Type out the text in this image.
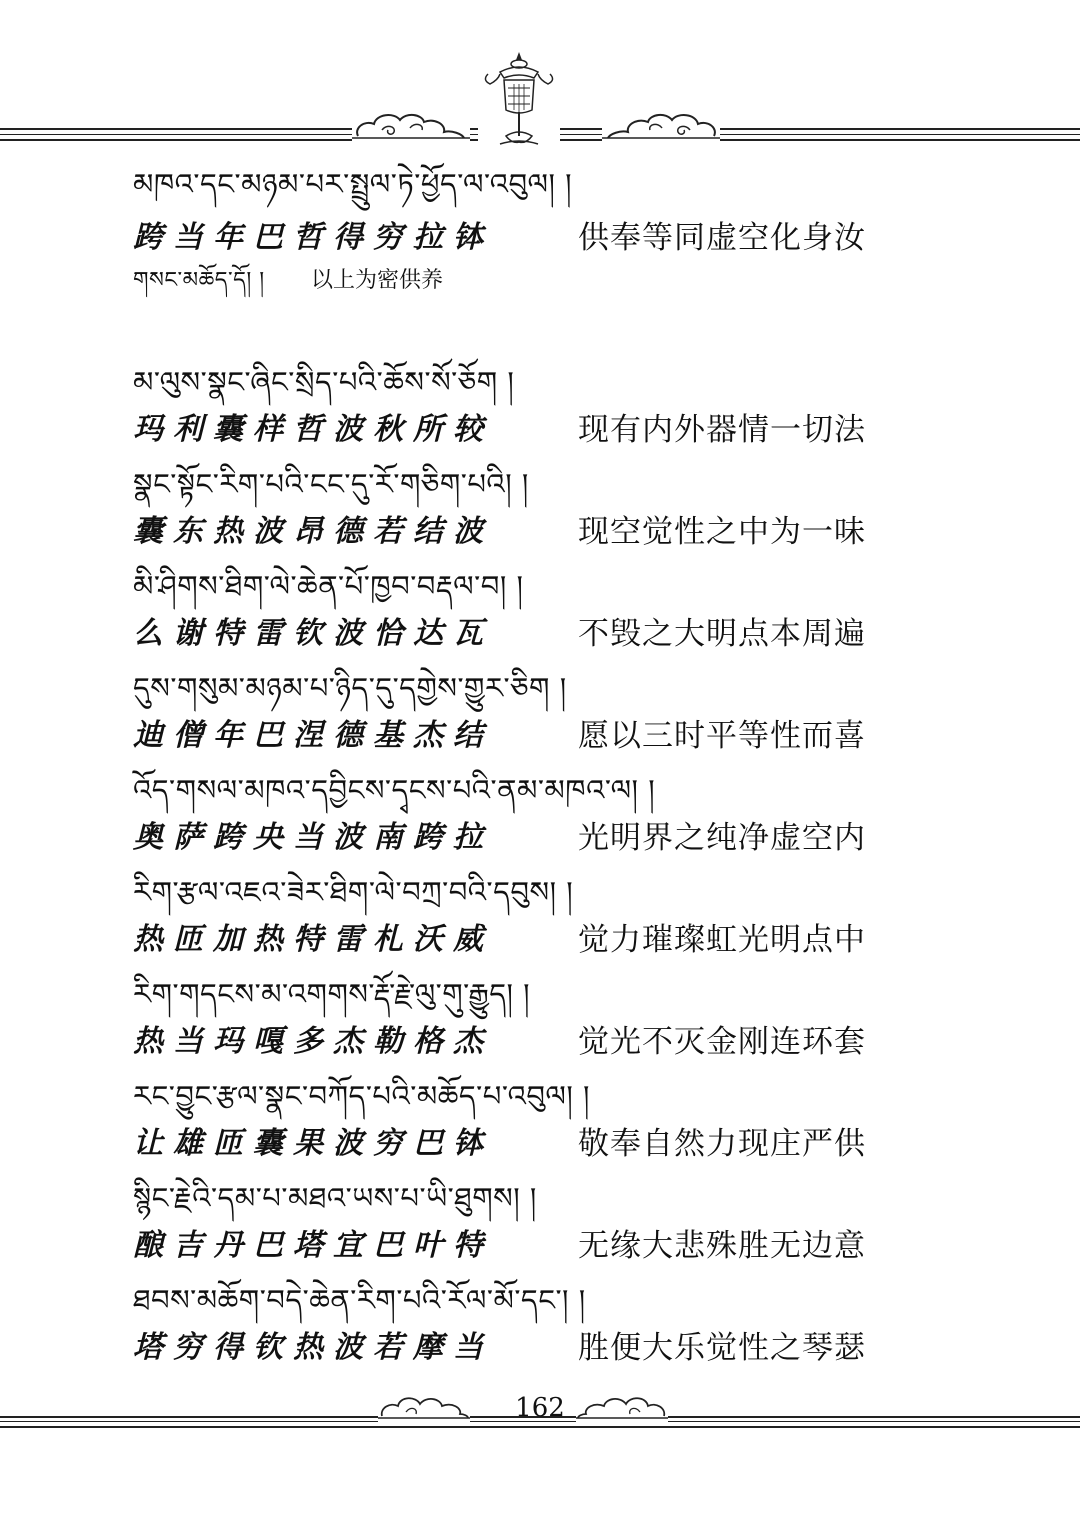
མཁའ་དང་མཉམ་པར་སྤྲུལ་ཏེ་ཕྱོད་ལ་འབུལ། །
跨当年巴哲得穷拉钵	供奉等同虚空化身汝
གསང་མཆོད་དོ། ། 以上为密供养
མ་ལུས་སྣང་ཞིང་སྲིད་པའི་ཆོས་སོ་ཅོག །
玛利囊样哲波秋所较	现有内外器情一切法
སྣང་སྟོང་རིག་པའི་ངང་དུ་རོ་གཅིག་པའི། །
囊东热波昂德若结波	现空觉性之中为一味
མི་ཤིགས་ཐིག་ལེ་ཆེན་པོ་ཁྱབ་བརྡལ་བ། །
么谢特雷钦波恰达瓦	不毁之大明点本周遍
དུས་གསུམ་མཉམ་པ་ཉིད་དུ་དགྱེས་གྱུར་ཅིག །
迪僧年巴涅德基杰结	愿以三时平等性而喜
འོད་གསལ་མཁའ་དབྱིངས་དྭངས་པའི་ནམ་མཁའ་ལ། །
奥萨跨央当波南跨拉	光明界之纯净虚空内
རིག་རྩལ་འཇའ་ཟེར་ཐིག་ལེ་བཀྲ་བའི་དབུས། །
热匝加热特雷札沃威	觉力璀璨虹光明点中
རིག་གདངས་མ་འགགས་རྡོ་རྗེ་ལུ་གུ་རྒྱུད། །
热当玛嘎多杰勒格杰	觉光不灭金刚连环套
རང་བྱུང་རྩལ་སྣང་བཀོད་པའི་མཆོད་པ་འབུལ། །
让雄匝囊果波穷巴钵	敬奉自然力现庄严供
སྙིང་རྗེའི་དམ་པ་མཐའ་ཡས་པ་ཡི་ཐུགས། །
酿吉丹巴塔宜巴叶特	无缘大悲殊胜无边意
ཐབས་མཆོག་བདེ་ཆེན་རིག་པའི་རོལ་མོ་དང་། །
塔穷得钦热波若摩当	胜便大乐觉性之琴瑟
162
